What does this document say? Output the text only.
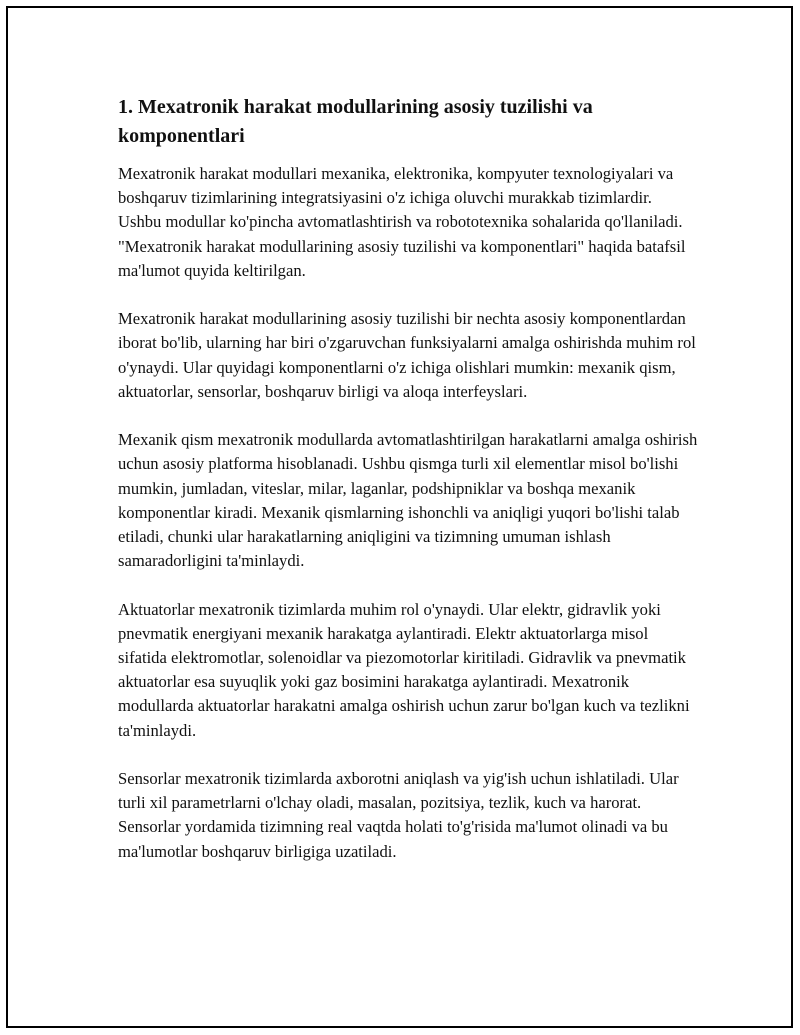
1. Mexatronik harakat modullarining asosiy tuzilishi va komponentlari

Mexatronik harakat modullari mexanika, elektronika, kompyuter texnologiyalari va boshqaruv tizimlarining integratsiyasini o'z ichiga oluvchi murakkab tizimlardir. Ushbu modullar ko'pincha avtomatlashtirish va robototexnika sohalarida qo'llaniladi. "Mexatronik harakat modullarining asosiy tuzilishi va komponentlari" haqida batafsil ma'lumot quyida keltirilgan.

Mexatronik harakat modullarining asosiy tuzilishi bir nechta asosiy komponentlardan iborat bo'lib, ularning har biri o'zgaruvchan funksiyalarni amalga oshirishda muhim rol o'ynaydi. Ular quyidagi komponentlarni o'z ichiga olishlari mumkin: mexanik qism, aktuatorlar, sensorlar, boshqaruv birligi va aloqa interfeyslari.

Mexanik qism mexatronik modullarda avtomatlashtirilgan harakatlarni amalga oshirish uchun asosiy platforma hisoblanadi. Ushbu qismga turli xil elementlar misol bo'lishi mumkin, jumladan, viteslar, milar, laganlar, podshipniklar va boshqa mexanik komponentlar kiradi. Mexanik qismlarning ishonchli va aniqligi yuqori bo'lishi talab etiladi, chunki ular harakatlarning aniqligini va tizimning umuman ishlash samaradorligini ta'minlaydi.

Aktuatorlar mexatronik tizimlarda muhim rol o'ynaydi. Ular elektr, gidravlik yoki pnevmatik energiyani mexanik harakatga aylantiradi. Elektr aktuatorlarga misol sifatida elektromotlar, solenoidlar va piezomotorlar kiritiladi. Gidravlik va pnevmatik aktuatorlar esa suyuqlik yoki gaz bosimini harakatga aylantiradi. Mexatronik modullarda aktuatorlar harakatni amalga oshirish uchun zarur bo'lgan kuch va tezlikni ta'minlaydi.

Sensorlar mexatronik tizimlarda axborotni aniqlash va yig'ish uchun ishlatiladi. Ular turli xil parametrlarni o'lchay oladi, masalan, pozitsiya, tezlik, kuch va harorat. Sensorlar yordamida tizimning real vaqtda holati to'g'risida ma'lumot olinadi va bu ma'lumotlar boshqaruv birligiga uzatiladi.
